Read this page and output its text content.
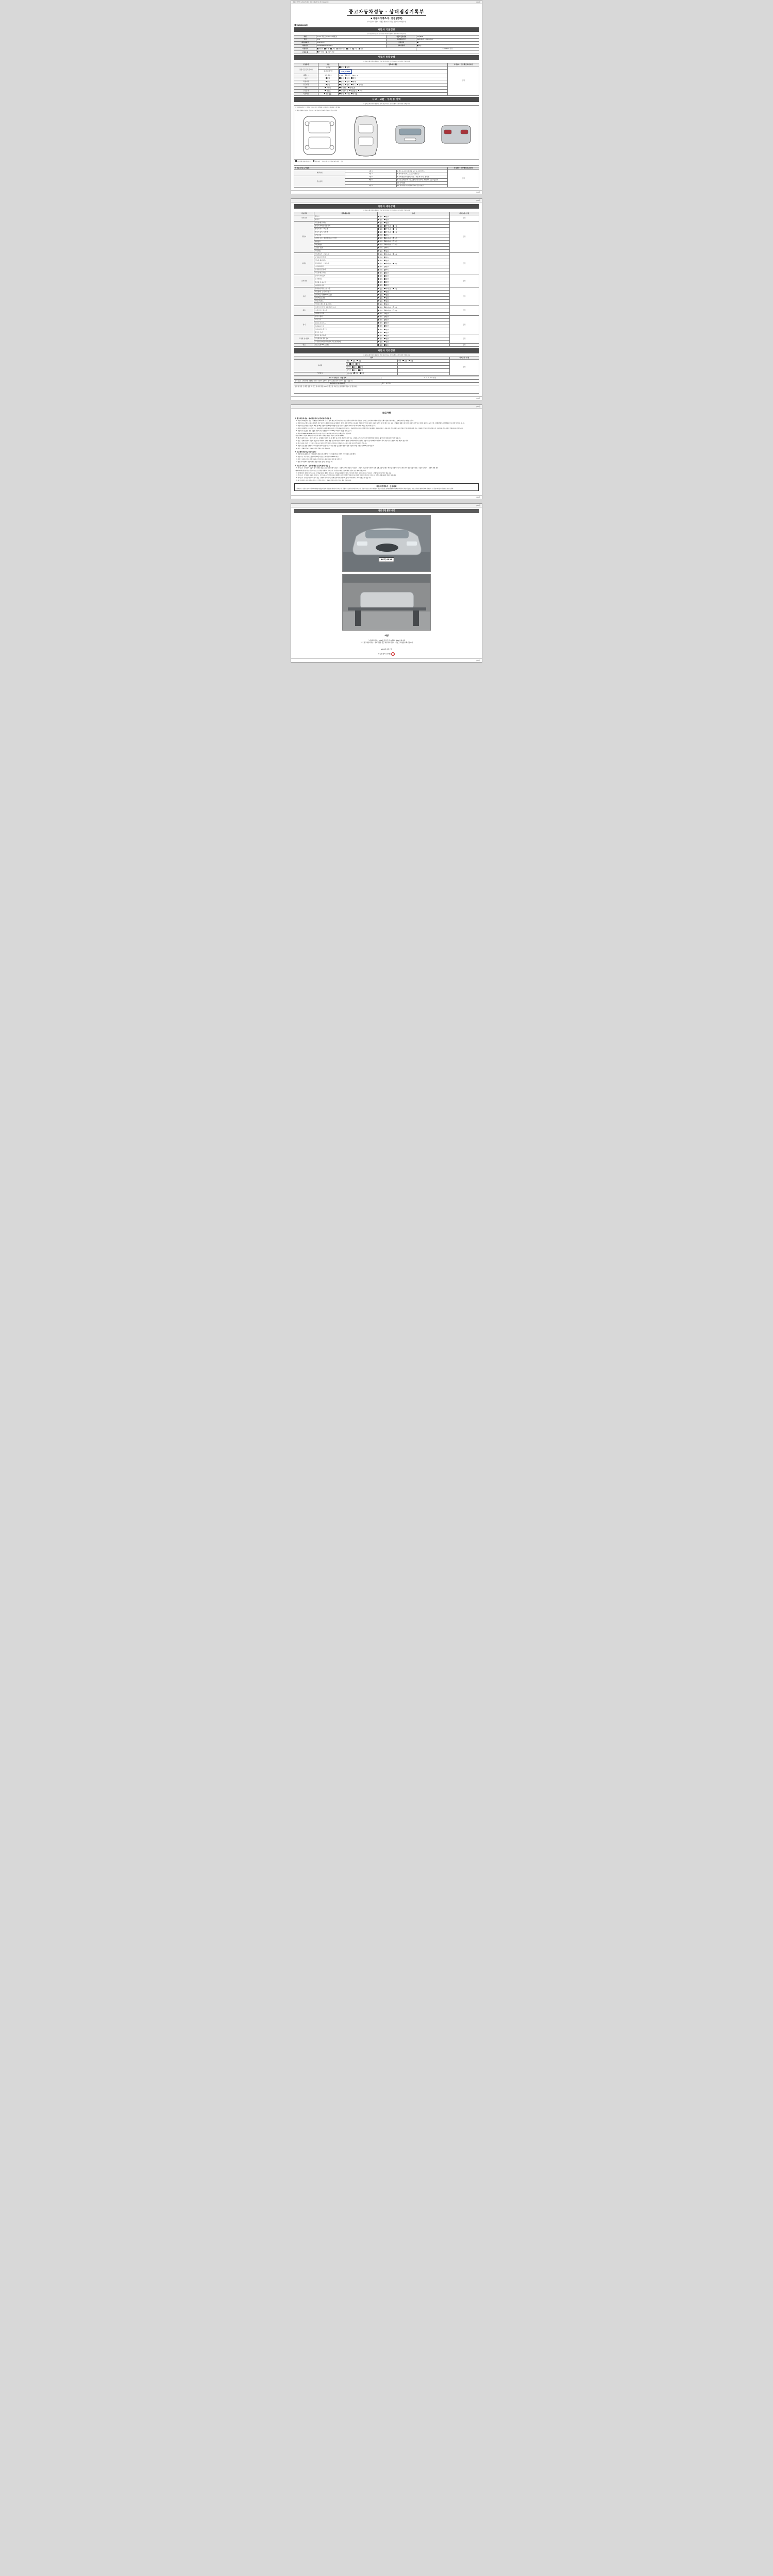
자동차관리법 시행규칙 [별지 제82호의3서식] <개정 2021.7.6.>	(3/4쪽)
중고자동차성능 · 상태점검기록부
■ 자동차가격조사 · 산정 (선택)
(※ 자동차가격조사 · 산정은 매수인이 원하는 경우에만 기재합니다)
제 7021601132호
자동차 기본정보
(※ 자동차가격조사 · 산정란은 매수인이 원하는 경우에만 기재합니다)
차명	A7 3.0 콰트로 quattro (4세대급)	자동차등록번호	54머8538
연식	2012	검사유효기간	2022-06-25 ~ 2024-06-07
최초등록일	2012-06-29	주행거리	
차대번호	WAUZZZ8KBCN159012	변속기종류	자동
사용연료	가솔린 디젤 LPG 하이브리드 전기 수소 기타		0 0 0 0 0 0 산정
보증유형	자가보증 보험사보증		
자동차 종합상태
(※ 항목을 확인하여 해당하는 칸에 체크하거나 · 산정을 원하는 경우에만 기재합니다)
주요항목	내용	항목/해당내용	가격조사 · 산정액 및 특기사항
점검기간 및 특기사항	실주행	양호 불량	산정
	현재 주행거리	229,575km	
배출가스	일산화탄소	0.71% 탄화수소 750m %	
튜닝	없음	있음 구조 장치	
특별이력	없음	있음 침수 화재	
용도변경	없음	있음 렌트 리스 영업용	
색상	무채색	색상변경 전체도색	
주요옵션	선루프	내비게이션 편의장치 기타	
리콜대상	해당없음	해당 이행 미이행	
사고 · 교환 · 수리 등 이력
(※ 항목을 확인하여 해당하는 칸에 체크하거나 · 산정을 원하는 경우에만 기재합니다)
※ (상태표시부호) ① 없음(-) ② 판금 또는 용접(W) ③ 교환(X) ④ 부식(C) ⑤ 흠집(A)
※ 외판 상태에서 용접부 기준으로, 기타 항목까지 상태확인 판단이 가능합니다.
사고이력 (보험사로 접수)	단순수리 가격조사 · 산정액 및 특기사항 산정
※ 교환, 판금 등 이상부			가격조사 · 산정액 및 특기사항
외판부위	1랭크	1) 후드 2) 프론트펜더 3) 도어 4) 트렁크리드	산정
	2랭크	5) 라디에이터서포트(볼트체결부품)	
주요골격	A랭크	6) 쿼터패널(리어펜더) 7) 루프패널 8) 사이드실패널	
	B랭크	9) 프론트패널 10) 크로스멤버 11) 인사이드패널 12) 트렁크플로어	
		13) 리어패널	
	C랭크	14) 필러패널 15) 대쉬패널 16) 플로어패널	
(1/4쪽)
(2/4쪽)
자동차 세부상태
(※ 항목을 확인하여 해당하는 칸에 체크하거나 · 산정을 원하는 경우에만 기재합니다)
주요장치	항목/해당내용	상태	가격조사 · 산정
자기진단	원동기	양호 불량	산정
	변속기	양호 불량	
원동기	작동상태(공회전)	양호 불량	산정
	실린더 커버/로커암 커버	없음 미세누유 누유	
	실린더 헤드 / 가스켓	없음 미세누유 누유	
	실린더 블록 / 오일팬	없음 미세누유 누유	
	오일 유량	적정 부족	
	냉각수 누수 · 실린더 헤드 / 가스켓	없음 미세누수 누수	
	워터펌프	없음 미세누수 누수	
	라디에이터	없음 미세누수 누수	
	냉각수 수량	적정 부족	
	커먼레일	양호 불량	
변속기	자동변속기 · 오일누유	없음 미세누유 누유	산정
	오일유량 및 상태	적정 부족	
	작동상태(공회전)	양호 불량	
	수동변속기 · 오일누유	없음 미세누유 누유	
	기어변속장치	양호 불량	
	오일유량 및 상태	적정 부족	
	작동상태(공회전)	양호 불량	
동력전달	클러치 어셈블리	양호 불량	산정
	등속조인트	양호 불량	
	추진축 및 베어링	양호 불량	
	디퍼렌셜 기어	양호 불량	
조향	동력조향 작동 오일 누유	없음 미세누유 누유	산정
	작동상태 · 스티어링 펌프	양호 불량	
	스티어링 기어(MDPS포함)	양호 불량	
	스티어링 조인트	양호 불량	
	파워고압호스	양호 불량	
	타이로드엔드 및 볼 조인트	양호 불량	
제동	브레이크 마스터 실린더오일 누유	없음 미세누유 누유	산정
	브레이크 오일 누유	없음 미세누유 누유	
	배력장치 상태	양호 불량	
전기	발전기 출력	양호 불량	산정
	시동 모터	양호 불량	
	와이퍼 모터 기능	양호 불량	
	실내송풍 모터	양호 불량	
	라디에이터 팬 모터	양호 불량	
	윈도우 모터	양호 불량	
고전원 전기장치	충전구 절연 상태	양호 불량	산정
	구동축전지 격리 상태	양호 불량	
	고전원전기배선 상태(피복,고정,연결상태)	양호 불량	
연료	연료누출(LP가스포함)	없음 있음	산정
자동차 기타정보
(※ 항목을 확인하여 해당하는 칸에 체크하거나 · 산정을 원하는 경우에만 기재합니다)
항목			가격조사 · 산정
사외품	외장 양호 불량	내장 양호 불량	산정
	휠 양호 불량		
	타이어 양호 불량		
	룸미러 양호 불량		
기본품목	보수내역 양호 불량		
＊＊＊ 가격조사 · 산정 금액	０ ０ ０ ０ ０ 천원
※ 가격조사 · 산정가격은 상태확인 전부터 기준하여 실제가격 및 기타조건 등에 따라 차이가 있을 수 있습니다.	
특기사항 및 점검자의견	점검 · 내부평가
엔진룸 점검, 도색은 있음 ※ 인근 표기의 점검, PPF/킷셋/코팅, 프론트보닛 휠클리닝평가 및 검검에트	
(2/4쪽)
(3/4쪽)
유의사항
※ 중고자동차성능 · 상태점검자의 보증에 관한 사항 등
1. 자동차 매매업자는 성능 · 상태점검기록부(이하 "성능 · 상태 체크")에 기재한 내용을 고지하지 아니하거나 거짓으로 고지함으로써 매수인에게 재산상 손해가 발생한 경우에는 그 손해를 배상할 책임을 습니다.
2. 자동차인도금액(자동차 가격 등)은 검사기관·성능점검장의 내용을 매매하여 매매한 보증기간 있는 성능점검 기록부에 기재한 내용이 사실과 다르게 표시된 경우 또는 성능 · 상태점검 내용이 실제 자동차와 차이가 있는 경우에 대하여는 판매 이후 1개월(주행거리 2,000km 이내) 보증기간으로 습니다.
3. 자동차인도일에 보증기간이 30일 및 30일 보증하여 (300일 매매업자로 등기나 성능점검에 대하여 이후 차의 제반 책임을 부담하게 됩니다.)
4. 자동차 매매업자 등 고객이 성능 · 상태점검기록부를 매수인에게 고지할 때 판매 자동차(성능 · 상태점검자의 성능점검 확인서)로 판매하는 자동차의 유지 · 관리사항 · 정비사항 등을 포함하여 기재되어야 하며, 성능 · 상태점검 기록부가 아니라 유지 · 관리사항, 정비사항의 기재내용을 의미합니다.
5. 자동차의 성능점검 관련 사항은 하반기 자동차정보(www.car365.go.kr)에서 확인할 수 있습니다.
6. 자동차의(www.car365.go.kr)에서 승용차 검토 및 기록이나 기타 사항 등을 확인할 수 있습니다.
– 자동차365 > 자동차 내역조회 > 자동차 내역 > 자세한 내용은 자동차 조회 후 내역확인
8. 중고자동차의 구조 · 장치 등의 성능 · 상태를 고지하지 아니한 경우 및 고의로 중고자동차의 성능 · 상태 등을 거짓 고지하여 매매 알선한 경우에는 형사상의 처벌 대상이 될 수 있습니다.
9. 성능 · 상태점검자가 자동차 성능점검 기록부에 기재한 내용 중 손해 내용과 관련하여 발생한 손해에 대하여 보증하는 보증기간 등에 대해 기재하여야 하며, 자동차 성능점검에 대한 책임이 있습니다.
10. 중고자동차 인도일 시 그를 기준이 되는 결과 부분은 평가 보증 범위는 한정되며, 자동차의 가격 및 보증은 다음과 같습니다.
11. 자동차 성능점검 기록부의 기재내용에 대하여 보증하는 기간 및 내용 등 보증에 대한 사항은 자동차관리법 시행규칙 제120조에 따릅니다.
12. 성능 · 상태점검 국토교통부장관이 정하는 바에 따릅니다.
※ 보증범위 및(성능점검기록부)
1. 자동차(성능점검보증) : 매매사업자 보증으로 보증기간 이내에 발생하는 부분의 수리 비용 등 보증 범위
2. 보증기간 : 자동차 인도일로부터 30일 이상 또는 주행거리 2,000km 이상
3. 보증 : 자동차의 성능점검 기록부에 기재된 내용에 대한 보증 범위 및 보증기간
4. 점검 가격에 따라 보증범위 및 보증기간은 달라질 수 있습니다.
※ 자동차가격조사 · 산정에 대한 보증에 관한 사항 등
1. 가격조사 · 산정자가 사실과 달리 기재한 성능조사 결과와 함께 가격조사 · 산정기준(해당 자동차 가격조사 · 산정 부분 판단에 기재하며 부위 등은 포함기준 준수 확인 및 판매가격에 따라 확인 여부에 관계없이 확인) : 자동차가격조사 · 산정의 기준 준수
· 매매계약에 필요한 (성능기간/비용)으로 산정한 차량가격 가격조사 · 산정한 금액은 보증에 대한 설정이 있는 때에 한정합니다.
3. 매매업자가 매수인이 가격조사 · 산정을 원하는 경우에 가격조사 · 산정을 의뢰하여야 하며, 매수인은 본인이 선택하여 다른 가격조사 · 산정기관에 의뢰할 수 있습니다.
4. 가격조사 · 산정자는 자동차 가격조사 · 산정 내용을 기재할 때에는 매매업자가 아닌 제3자 입장에서 공정하게 기재하여야 하며, 가격조사 · 산정가격에 대하여 책임이 있습니다.
5. 가격조사 · 산정 금액은 자동차의 성능 · 상태와 연식 및 사고이력 등에 따라 결정되며, 실제 거래가격과는 차이가 있을 수 있습니다.
6. 특기사항란은 자동차의 가격조사 · 산정자가 성능 · 상태점검자의 의견이 있는 경우 기재합니다.
자동차가격조사 · 산정의뢰
"가격조사 · 산정"은 소비자가 매매계약을 체결할 때 선택 사항으로 매수인이 가격조사 · 산정 비용 한정에 기재한 가격조사 · 산정 비용은 소비가 마다 검사 확인 항목 상호 금액범위에 대하여 확인하여 추가 비용이 발생할 수 있으며 점검 범위에 따라 가격조사 · 산정 금액의 일부가 변경될 수 있습니다.
(3/4쪽)
(4/4쪽)
점검 정면 촬영 사진
54머 8538
서명
「자동차관리법」 제58조 및 같은 법 시행규칙 제120조에 따라
【※】중고자동차성능 · 상태점검을 【 】자동차가격조사 · 산정 】 하였음을 확인합니다.
2024년 6월 7일
성능점검자 ( 성명 ) 인
(4/4쪽)
